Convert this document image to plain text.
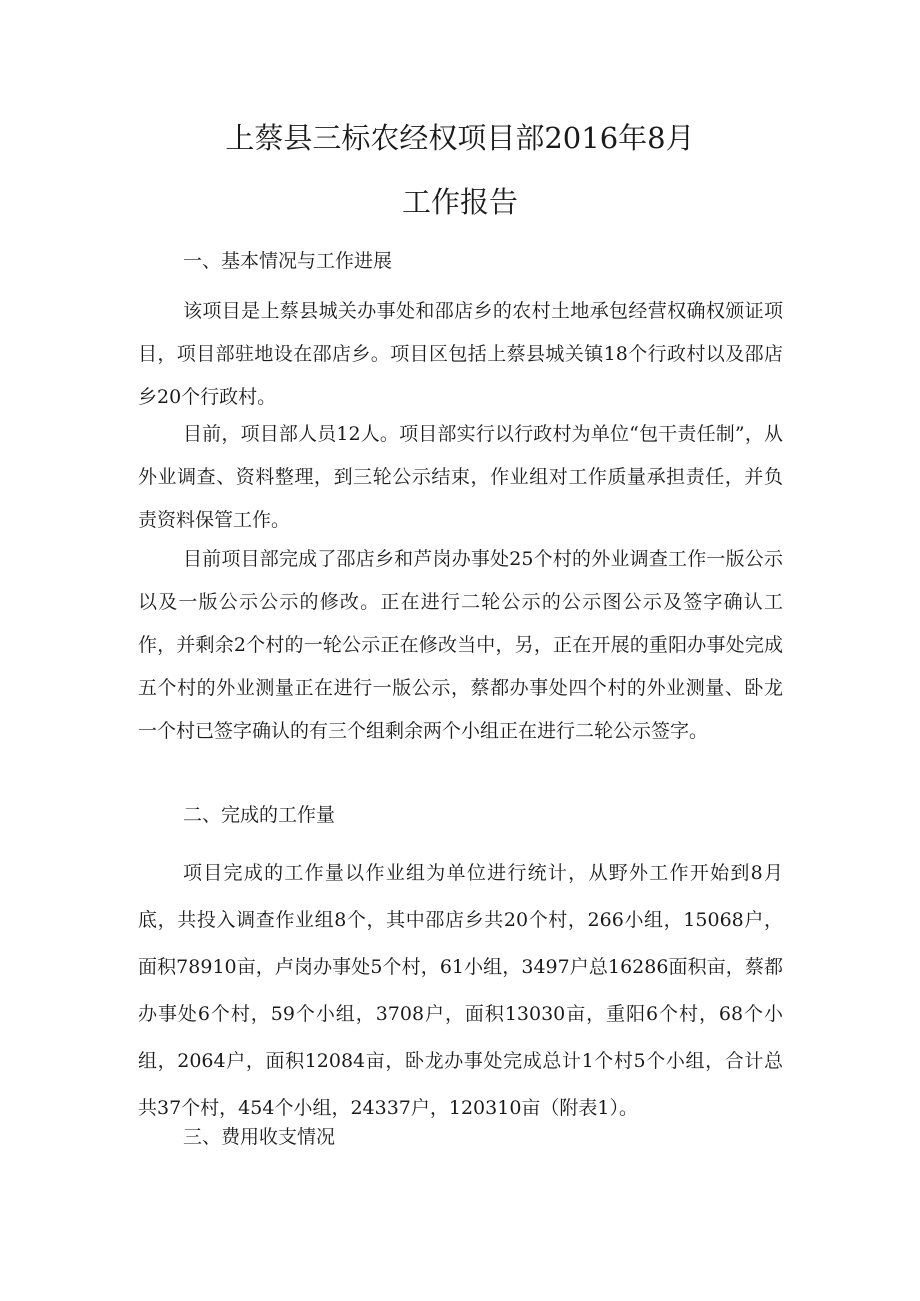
上蔡县三标农经权项目部2016年8月
工作报告
一、基本情况与工作进展
该项目是上蔡县城关办事处和邵店乡的农村土地承包经营权确权颁证项目，项目部驻地设在邵店乡。项目区包括上蔡县城关镇18个行政村以及邵店乡20个行政村。
目前，项目部人员12人。项目部实行以行政村为单位“包干责任制”，从外业调查、资料整理，到三轮公示结束，作业组对工作质量承担责任，并负责资料保管工作。
目前项目部完成了邵店乡和芦岗办事处25个村的外业调查工作一版公示以及一版公示公示的修改。正在进行二轮公示的公示图公示及签字确认工作，并剩余2个村的一轮公示正在修改当中，另，正在开展的重阳办事处完成五个村的外业测量正在进行一版公示，蔡都办事处四个村的外业测量、卧龙一个村已签字确认的有三个组剩余两个小组正在进行二轮公示签字。
二、完成的工作量
项目完成的工作量以作业组为单位进行统计，从野外工作开始到8月底，共投入调查作业组8个，其中邵店乡共20个村，266小组，15068户，面积78910亩，卢岗办事处5个村，61小组，3497户总16286面积亩，蔡都办事处6个村，59个小组，3708户，面积13030亩，重阳6个村，68个小组，2064户，面积12084亩，卧龙办事处完成总计1个村5个小组，合计总共37个村，454个小组，24337户，120310亩（附表1）。
三、费用收支情况
